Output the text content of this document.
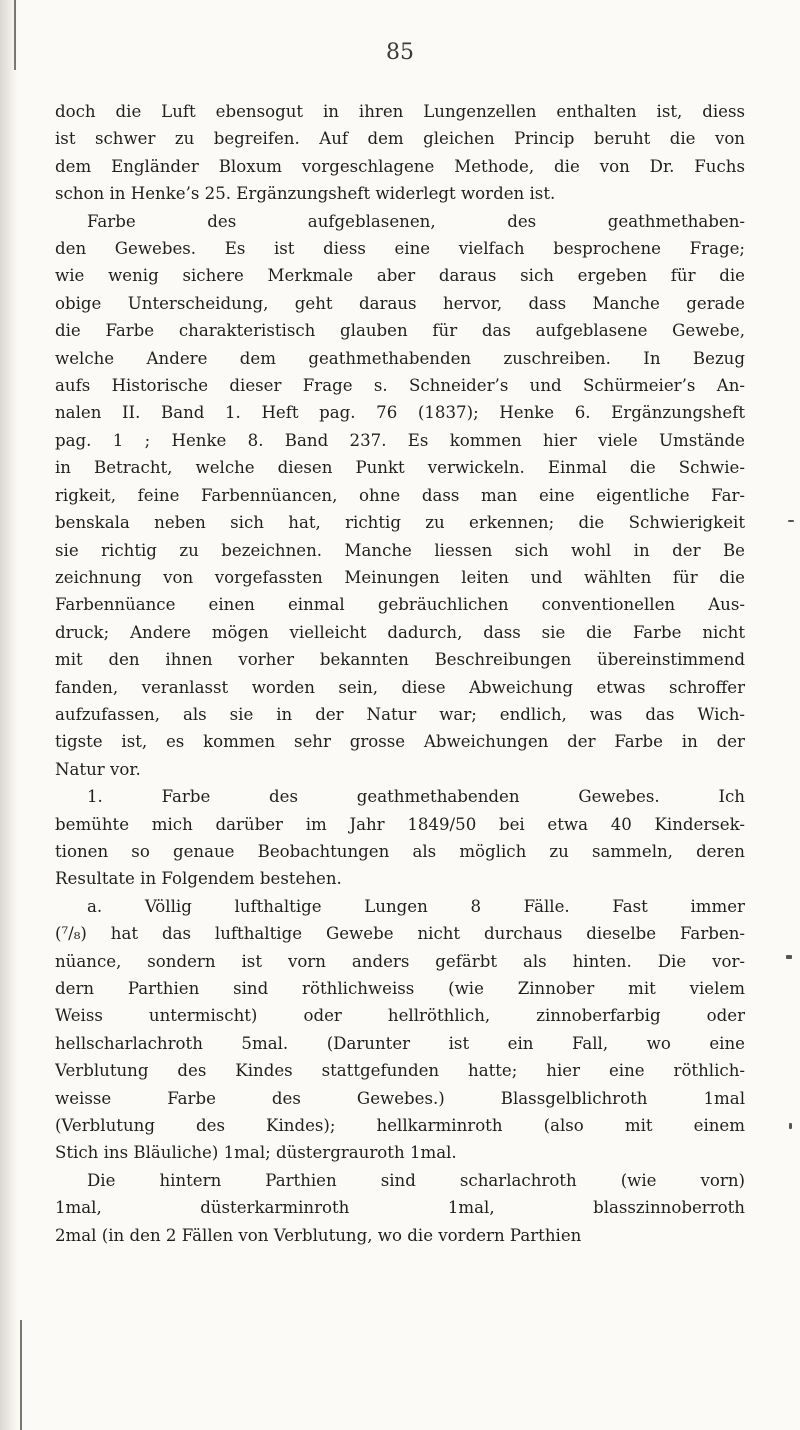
85
doch die Luft ebensogut in ihren Lungenzellen enthalten ist, diess
ist schwer zu begreifen. Auf dem gleichen Princip beruht die von
dem Engländer Bloxum vorgeschlagene Methode, die von Dr. Fuchs
schon in Henke’s 25. Ergänzungsheft widerlegt worden ist.
Farbe des aufgeblasenen, des geathmethaben-
den Gewebes. Es ist diess eine vielfach besprochene Frage;
wie wenig sichere Merkmale aber daraus sich ergeben für die
obige Unterscheidung, geht daraus hervor, dass Manche gerade
die Farbe charakteristisch glauben für das aufgeblasene Gewebe,
welche Andere dem geathmethabenden zuschreiben. In Bezug
aufs Historische dieser Frage s. Schneider’s und Schürmeier’s An-
nalen II. Band 1. Heft pag. 76 (1837); Henke 6. Ergänzungsheft
pag. 1 ; Henke 8. Band 237. Es kommen hier viele Umstände
in Betracht, welche diesen Punkt verwickeln. Einmal die Schwie-
rigkeit, feine Farbennüancen, ohne dass man eine eigentliche Far-
benskala neben sich hat, richtig zu erkennen; die Schwierigkeit
sie richtig zu bezeichnen. Manche liessen sich wohl in der Be
zeichnung von vorgefassten Meinungen leiten und wählten für die
Farbennüance einen einmal gebräuchlichen conventionellen Aus-
druck; Andere mögen vielleicht dadurch, dass sie die Farbe nicht
mit den ihnen vorher bekannten Beschreibungen übereinstimmend
fanden, veranlasst worden sein, diese Abweichung etwas schroffer
aufzufassen, als sie in der Natur war; endlich, was das Wich-
tigste ist, es kommen sehr grosse Abweichungen der Farbe in der
Natur vor.
1. Farbe des geathmethabenden Gewebes. Ich
bemühte mich darüber im Jahr 1849/50 bei etwa 40 Kindersek-
tionen so genaue Beobachtungen als möglich zu sammeln, deren
Resultate in Folgendem bestehen.
a. Völlig lufthaltige Lungen 8 Fälle. Fast immer
(⁷/₈) hat das lufthaltige Gewebe nicht durchaus dieselbe Farben-
nüance, sondern ist vorn anders gefärbt als hinten. Die vor-
dern Parthien sind röthlichweiss (wie Zinnober mit vielem
Weiss untermischt) oder hellröthlich, zinnoberfarbig oder
hellscharlachroth 5mal. (Darunter ist ein Fall, wo eine
Verblutung des Kindes stattgefunden hatte; hier eine röthlich-
weisse Farbe des Gewebes.) Blassgelblichroth 1mal
(Verblutung des Kindes); hellkarminroth (also mit einem
Stich ins Bläuliche) 1mal; düstergrauroth 1mal.
Die hintern Parthien sind scharlachroth (wie vorn)
1mal, düsterkarminroth 1mal, blasszinnoberroth
2mal (in den 2 Fällen von Verblutung, wo die vordern Parthien
